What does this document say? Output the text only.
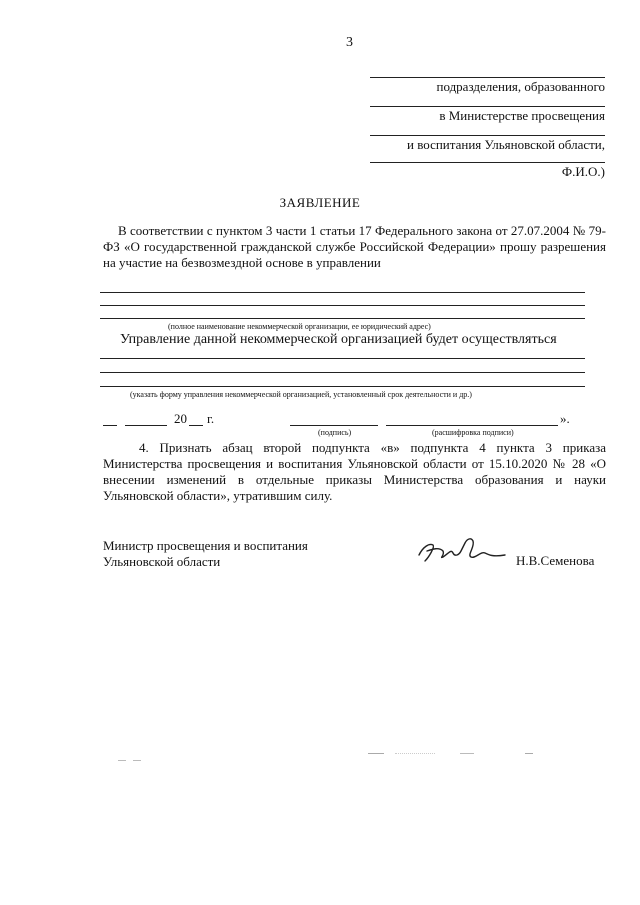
3
подразделения, образованного
в Министерстве просвещения
и воспитания Ульяновской области,
Ф.И.О.)
ЗАЯВЛЕНИЕ
В соответствии с пунктом 3 части 1 статьи 17 Федерального закона от 27.07.2004 № 79-ФЗ «О государственной гражданской службе Российской Федерации» прошу разрешения на участие на безвозмездной основе в управлении
(полное наименование некоммерческой организации, ее юридический адрес)
Управление данной некоммерческой организацией будет осуществляться
(указать форму управления некоммерческой организацией, установленный срок деятельности и др.)
20 г.	».
(подпись)	(расшифровка подписи)
4. Признать абзац второй подпункта «в» подпункта 4 пункта 3 приказа Министерства просвещения и воспитания Ульяновской области от 15.10.2020 № 28 «О внесении изменений в отдельные приказы Министерства образования и науки Ульяновской области», утратившим силу.
Министр просвещения и воспитания
Ульяновской области	Н.В.Семенова
